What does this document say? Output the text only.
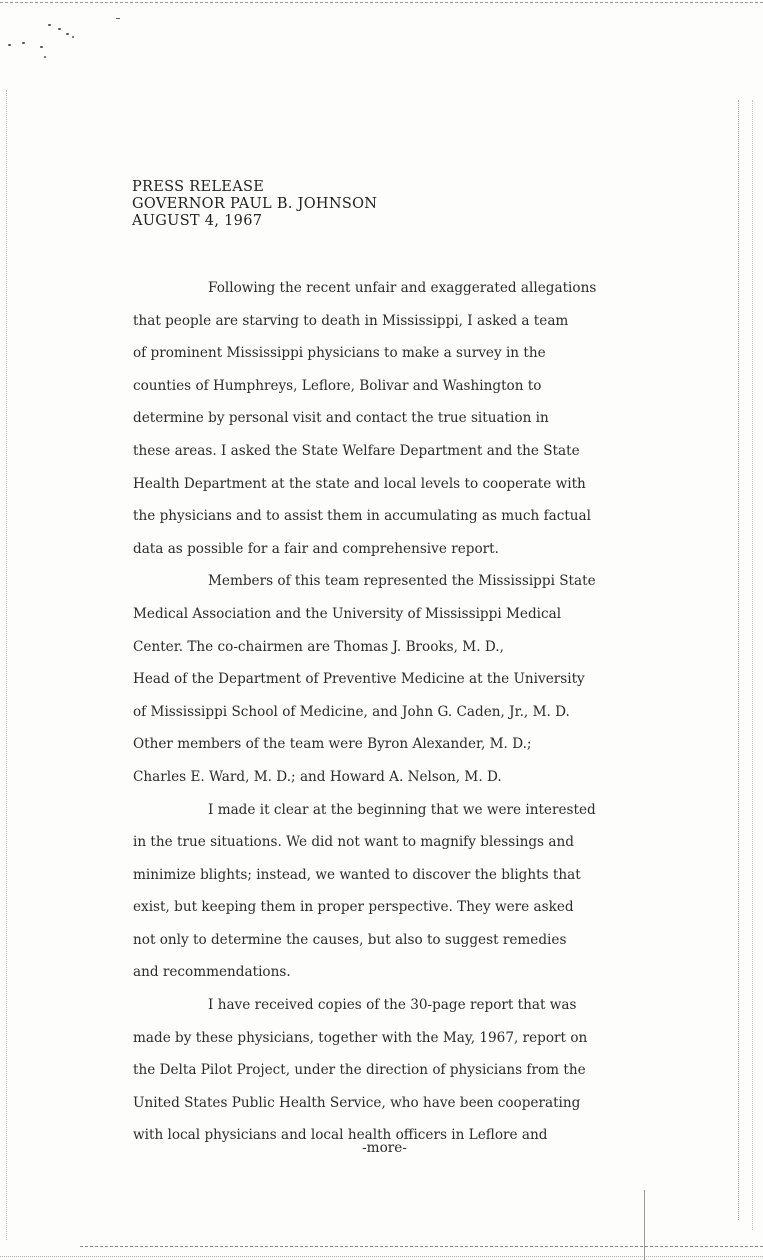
PRESS RELEASE
GOVERNOR PAUL B. JOHNSON
AUGUST 4, 1967
Following the recent unfair and exaggerated allegations
that people are starving to death in Mississippi, I asked a team
of prominent Mississippi physicians to make a survey in the
counties of Humphreys, Leflore, Bolivar and Washington to
determine by personal visit and contact the true situation in
these areas. I asked the State Welfare Department and the State
Health Department at the state and local levels to cooperate with
the physicians and to assist them in accumulating as much factual
data as possible for a fair and comprehensive report.
Members of this team represented the Mississippi State
Medical Association and the University of Mississippi Medical
Center. The co-chairmen are Thomas J. Brooks, M. D.,
Head of the Department of Preventive Medicine at the University
of Mississippi School of Medicine, and John G. Caden, Jr., M. D.
Other members of the team were Byron Alexander, M. D.;
Charles E. Ward, M. D.; and Howard A. Nelson, M. D.
I made it clear at the beginning that we were interested
in the true situations. We did not want to magnify blessings and
minimize blights; instead, we wanted to discover the blights that
exist, but keeping them in proper perspective. They were asked
not only to determine the causes, but also to suggest remedies
and recommendations.
I have received copies of the 30-page report that was
made by these physicians, together with the May, 1967, report on
the Delta Pilot Project, under the direction of physicians from the
United States Public Health Service, who have been cooperating
with local physicians and local health officers in Leflore and
-more-
